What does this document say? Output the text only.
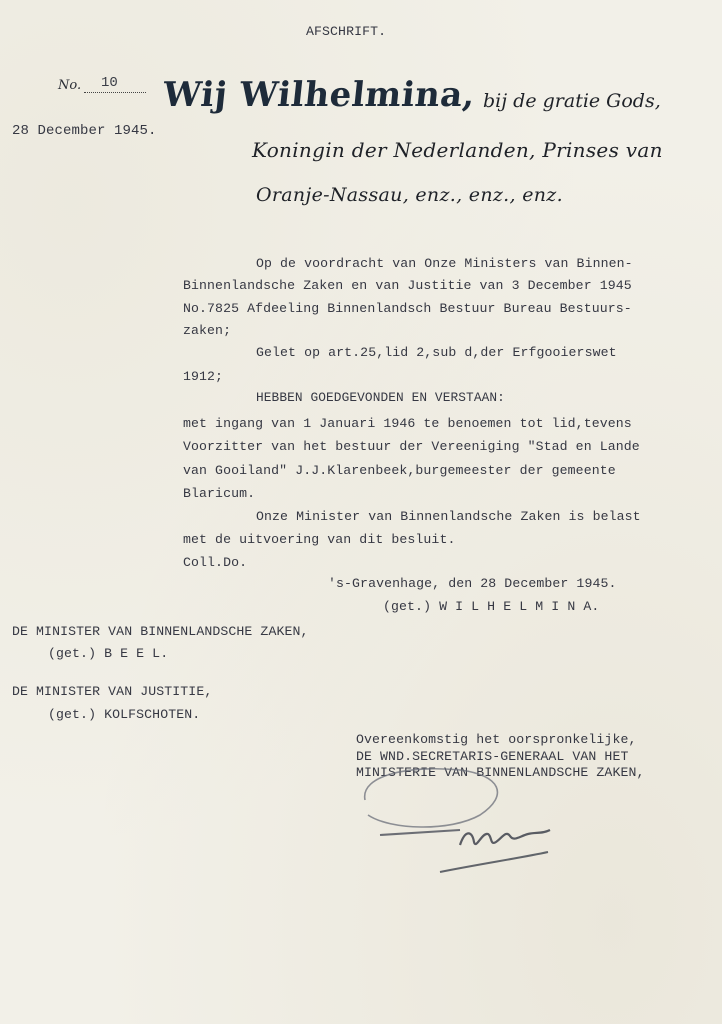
AFSCHRIFT.
No. 10
28 December 1945.
Wij Wilhelmina, bij de gratie Gods,
Koningin der Nederlanden, Prinses van
Oranje-Nassau, enz., enz., enz.
Op de voordracht van Onze Ministers van Binnen-
Binnenlandsche Zaken en van Justitie van 3 December 1945
No.7825 Afdeeling Binnenlandsch Bestuur Bureau Bestuurs-
zaken;
Gelet op art.25,lid 2,sub d,der Erfgooierswet
1912;
HEBBEN GOEDGEVONDEN EN VERSTAAN:
met ingang van 1 Januari 1946 te benoemen tot lid,tevens
Voorzitter van het bestuur der Vereeniging "Stad en Lande
van Gooiland" J.J.Klarenbeek,burgemeester der gemeente
Blaricum.
Onze Minister van Binnenlandsche Zaken is belast
met de uitvoering van dit besluit.
Coll.Do.
's-Gravenhage, den 28 December 1945.
(get.) W I L H E L M I N A.
DE MINISTER VAN BINNENLANDSCHE ZAKEN,
(get.) B E E L.
DE MINISTER VAN JUSTITIE,
(get.) KOLFSCHOTEN.
Overeenkomstig het oorspronkelijke,
DE WND.SECRETARIS-GENERAAL VAN HET
MINISTERIE VAN BINNENLANDSCHE ZAKEN,
